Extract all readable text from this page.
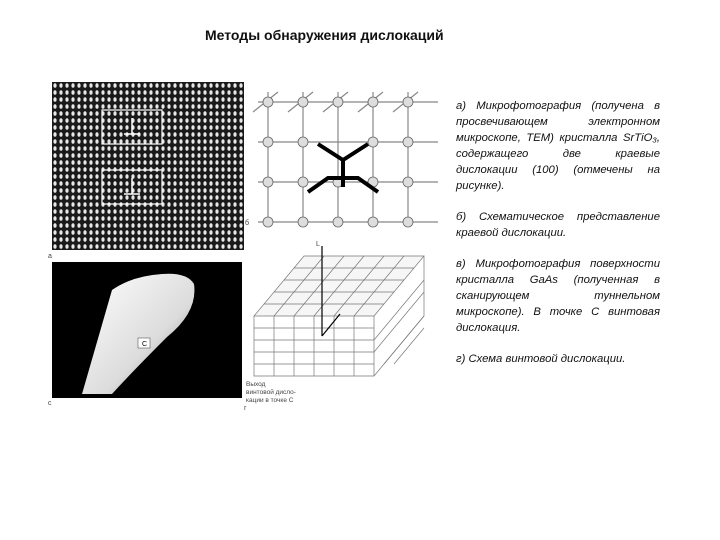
Методы обнаружения дислокаций
а
б
C
с
L
Выход
винтовой дисло-
кации в точке С
г

а) Микрофотография (получена в просвечивающем электронном микроскопе, TEM) кристалла SrTiO₃, содержащего две краевые дислокации (100) (отмечены на рисунке).

б) Схематическое представление краевой дислокации.

в) Микрофотография поверхности кристалла GaAs (полученная в сканирующем туннельном микроскопе). В точке С винтовая дислокация.

г) Схема винтовой дислокации.
